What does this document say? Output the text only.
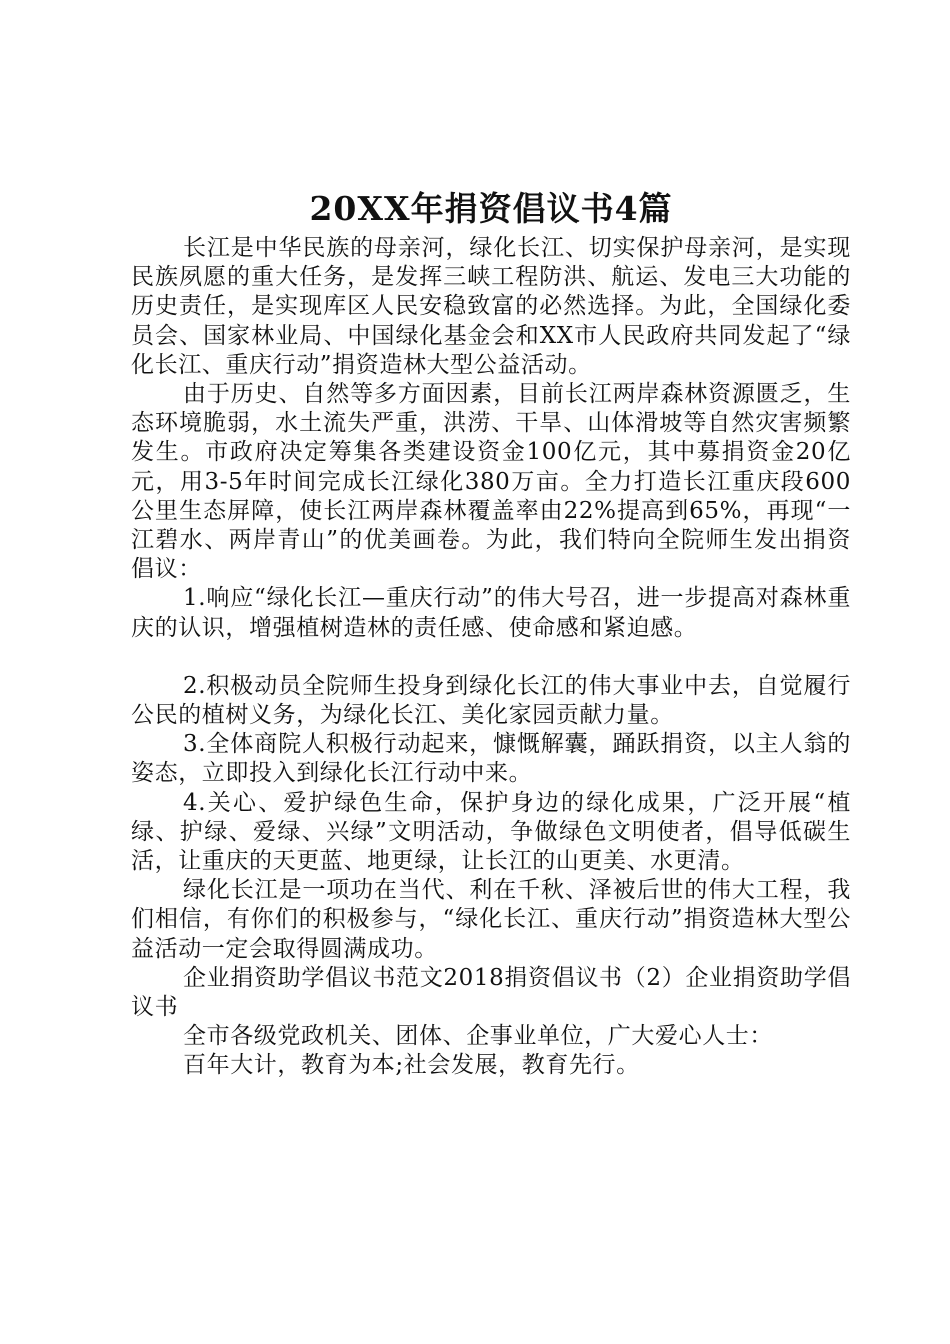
20XX年捐资倡议书4篇

长江是中华民族的母亲河，绿化长江、切实保护母亲河，是实现民族夙愿的重大任务，是发挥三峡工程防洪、航运、发电三大功能的历史责任，是实现库区人民安稳致富的必然选择。为此，全国绿化委员会、国家林业局、中国绿化基金会和XX市人民政府共同发起了“绿化长江、重庆行动”捐资造林大型公益活动。

由于历史、自然等多方面因素，目前长江两岸森林资源匮乏，生态环境脆弱，水土流失严重，洪涝、干旱、山体滑坡等自然灾害频繁发生。市政府决定筹集各类建设资金100亿元，其中募捐资金20亿元，用3-5年时间完成长江绿化380万亩。全力打造长江重庆段600公里生态屏障，使长江两岸森林覆盖率由22%提高到65%，再现“一江碧水、两岸青山”的优美画卷。为此，我们特向全院师生发出捐资倡议：

1.响应“绿化长江—重庆行动”的伟大号召，进一步提高对森林重庆的认识，增强植树造林的责任感、使命感和紧迫感。

2.积极动员全院师生投身到绿化长江的伟大事业中去，自觉履行公民的植树义务，为绿化长江、美化家园贡献力量。

3.全体商院人积极行动起来，慷慨解囊，踊跃捐资，以主人翁的姿态，立即投入到绿化长江行动中来。

4.关心、爱护绿色生命，保护身边的绿化成果，广泛开展“植绿、护绿、爱绿、兴绿”文明活动，争做绿色文明使者，倡导低碳生活，让重庆的天更蓝、地更绿，让长江的山更美、水更清。

绿化长江是一项功在当代、利在千秋、泽被后世的伟大工程，我们相信，有你们的积极参与，“绿化长江、重庆行动”捐资造林大型公益活动一定会取得圆满成功。

企业捐资助学倡议书范文2018捐资倡议书（2）企业捐资助学倡议书

全市各级党政机关、团体、企事业单位，广大爱心人士：

百年大计，教育为本;社会发展，教育先行。
